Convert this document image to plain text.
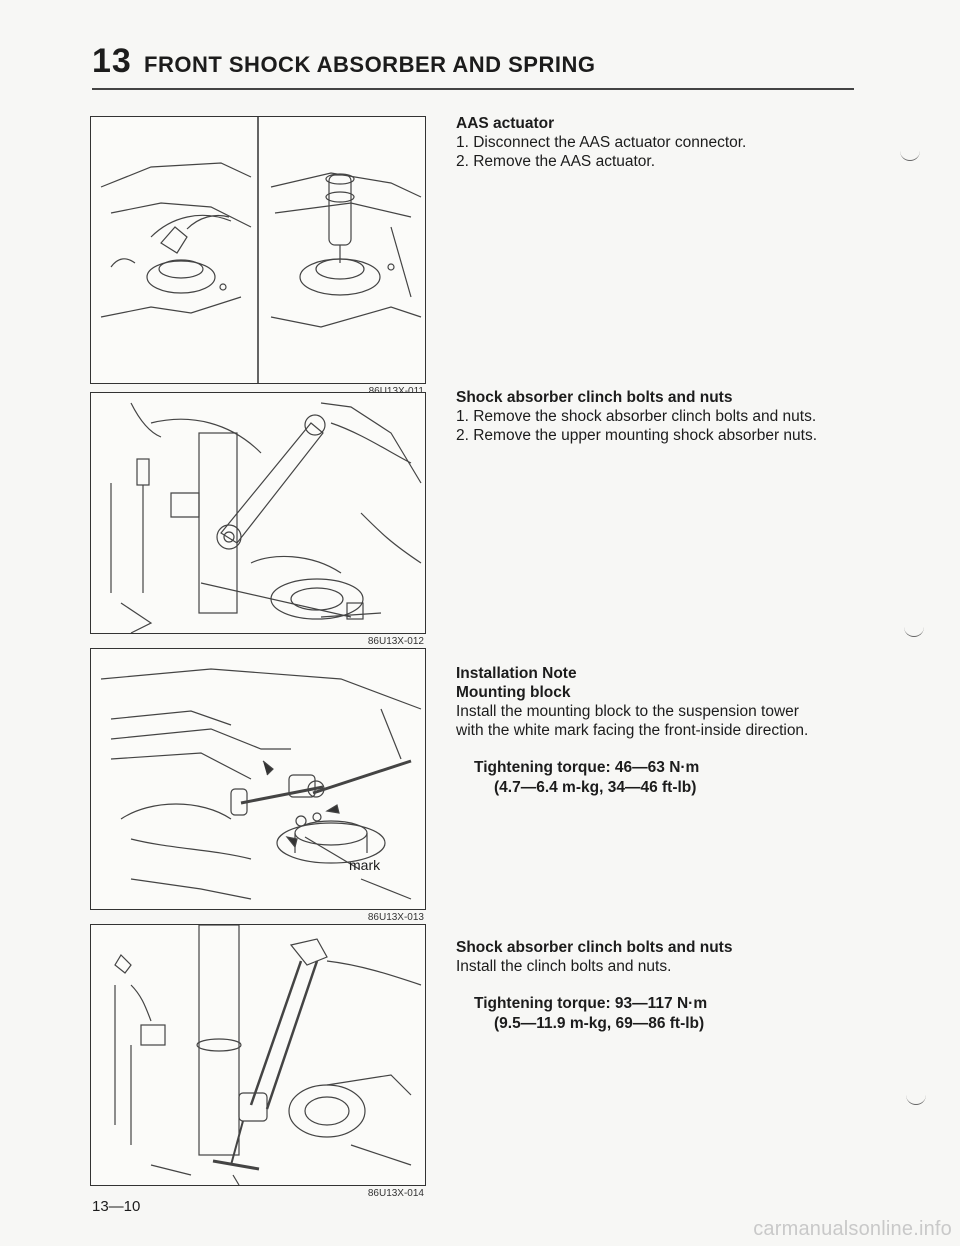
13 FRONT SHOCK ABSORBER AND SPRING
86U13X-012
mark
86U13X-013
86U13X-014
AAS actuator
1. Disconnect the AAS actuator connector.
2. Remove the AAS actuator.
Shock absorber clinch bolts and nuts
1. Remove the shock absorber clinch bolts and nuts.
2. Remove the upper mounting shock absorber nuts.
Installation Note
Mounting block
Install the mounting block to the suspension tower
with the white mark facing the front-inside direction.
Tightening torque: 46—63 N·m
(4.7—6.4 m-kg, 34—46 ft-lb)
Shock absorber clinch bolts and nuts
Install the clinch bolts and nuts.
Tightening torque: 93—117 N·m
(9.5—11.9 m-kg, 69—86 ft-lb)
13—10
carmanualsonline.info
